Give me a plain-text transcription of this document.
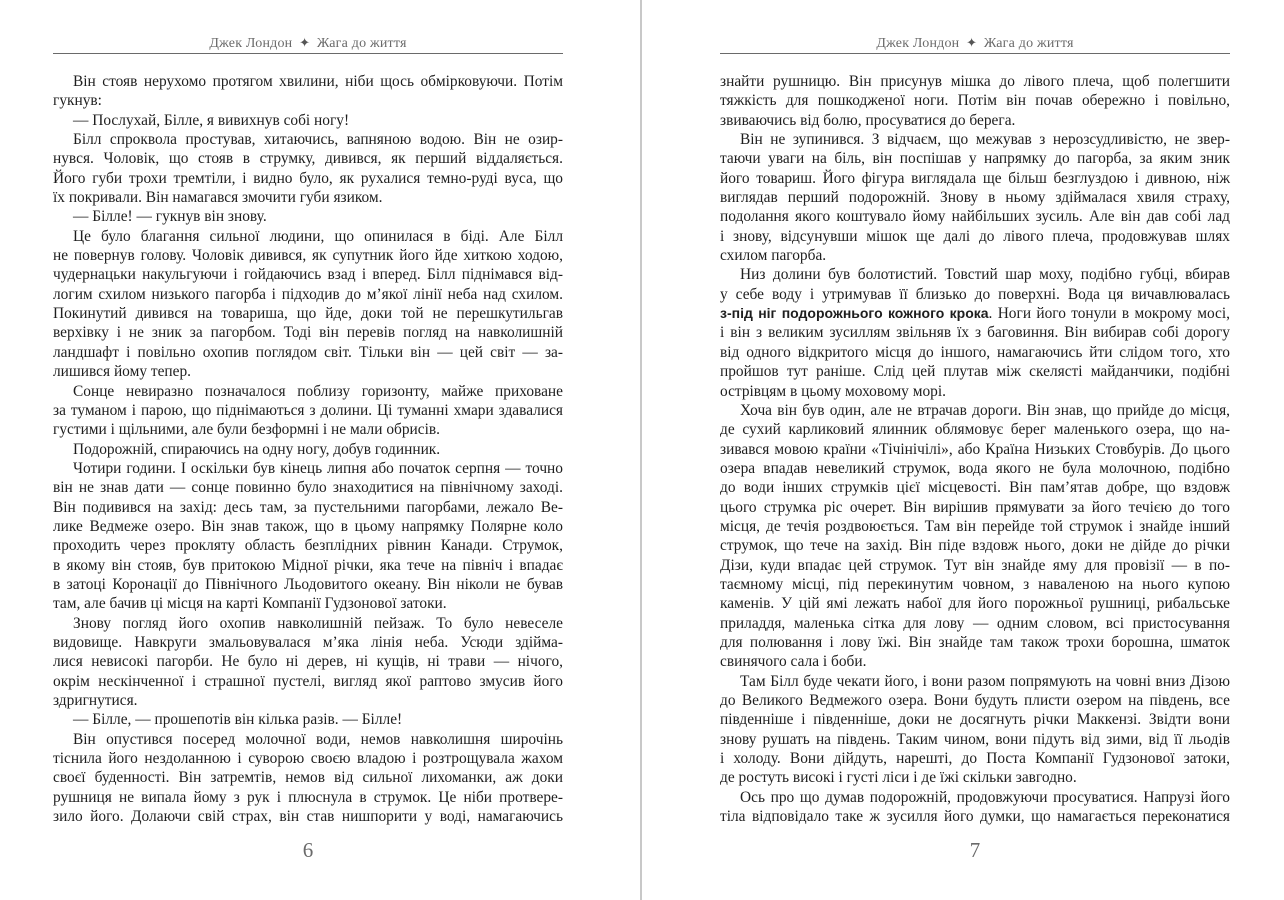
Джек Лондон ✦ Жага до життя
Він стояв нерухомо протягом хвилини, ніби щось обмірковуючи. Потім
гукнув:
— Послухай, Білле, я вивихнув собі ногу!
Білл спроквола простував, хитаючись, вапняною водою. Він не озир-
нувся. Чоловік, що стояв в струмку, дивився, як перший віддаляється.
Його губи трохи тремтіли, і видно було, як рухалися темно-руді вуса, що
їх покривали. Він намагався змочити губи язиком.
— Білле! — гукнув він знову.
Це було благання сильної людини, що опинилася в біді. Але Білл
не повернув голову. Чоловік дивився, як супутник його йде хиткою ходою,
чудернацьки накульгуючи і гойдаючись взад і вперед. Білл піднімався від-
логим схилом низького пагорба і підходив до м’якої лінії неба над схилом.
Покинутий дивився на товариша, що йде, доки той не перешкутильгав
верхівку і не зник за пагорбом. Тоді він перевів погляд на навколишній
ландшафт і повільно охопив поглядом світ. Тільки він — цей світ — за-
лишився йому тепер.
Сонце невиразно позначалося поблизу горизонту, майже приховане
за туманом і парою, що піднімаються з долини. Ці туманні хмари здавалися
густими і щільними, але були безформні і не мали обрисів.
Подорожній, спираючись на одну ногу, добув годинник.
Чотири години. І оскільки був кінець липня або початок серпня — точно
він не знав дати — сонце повинно було знаходитися на північному заході.
Він подивився на захід: десь там, за пустельними пагорбами, лежало Ве-
лике Ведмеже озеро. Він знав також, що в цьому напрямку Полярне коло
проходить через прокляту область безплідних рівнин Канади. Струмок,
в якому він стояв, був притокою Мідної річки, яка тече на північ і впадає
в затоці Коронації до Північного Льодовитого океану. Він ніколи не бував
там, але бачив ці місця на карті Компанії Гудзонової затоки.
Знову погляд його охопив навколишній пейзаж. То було невеселе
видовище. Навкруги змальовувалася м’яка лінія неба. Усюди здійма-
лися невисокі пагорби. Не було ні дерев, ні кущів, ні трави — нічого,
окрім нескінченної і страшної пустелі, вигляд якої раптово змусив його
здригнутися.
— Білле, — прошепотів він кілька разів. — Білле!
Він опустився посеред молочної води, немов навколишня широчінь
тіснила його нездоланною і суворою своєю владою і розтрощувала жахом
своєї буденності. Він затремтів, немов від сильної лихоманки, аж доки
рушниця не випала йому з рук і плюснула в струмок. Це ніби протвере-
зило його. Долаючи свій страх, він став нишпорити у воді, намагаючись
6
Джек Лондон ✦ Жага до життя
знайти рушницю. Він присунув мішка до лівого плеча, щоб полегшити
тяжкість для пошкодженої ноги. Потім він почав обережно і повільно,
звиваючись від болю, просуватися до берега.
Він не зупинився. З відчаєм, що межував з нерозсудливістю, не звер-
таючи уваги на біль, він поспішав у напрямку до пагорба, за яким зник
його товариш. Його фігура виглядала ще більш безглуздою і дивною, ніж
виглядав перший подорожній. Знову в ньому здіймалася хвиля страху,
подолання якого коштувало йому найбільших зусиль. Але він дав собі лад
і знову, відсунувши мішок ще далі до лівого плеча, продовжував шлях
схилом пагорба.
Низ долини був болотистий. Товстий шар моху, подібно губці, вбирав
у себе воду і утримував її близько до поверхні. Вода ця вичавлювалась
з-під ніг подорожнього кожного крока. Ноги його тонули в мокрому мосі,
і він з великим зусиллям звільняв їх з баговиння. Він вибирав собі дорогу
від одного відкритого місця до іншого, намагаючись йти слідом того, хто
пройшов тут раніше. Слід цей плутав між скелясті майданчики, подібні
острівцям в цьому моховому морі.
Хоча він був один, але не втрачав дороги. Він знав, що прийде до місця,
де сухий карликовий ялинник облямовує берег маленького озера, що на-
зивався мовою країни «Тічінічілі», або Країна Низьких Стовбурів. До цього
озера впадав невеликий струмок, вода якого не була молочною, подібно
до води інших струмків цієї місцевості. Він пам’ятав добре, що вздовж
цього струмка ріс очерет. Він вирішив прямувати за його течією до того
місця, де течія роздвоюється. Там він перейде той струмок і знайде інший
струмок, що тече на захід. Він піде вздовж нього, доки не дійде до річки
Дізи, куди впадає цей струмок. Тут він знайде яму для провізії — в по-
таємному місці, під перекинутим човном, з наваленою на нього купою
каменів. У цій ямі лежать набої для його порожньої рушниці, рибальське
приладдя, маленька сітка для лову — одним словом, всі пристосування
для полювання і лову їжі. Він знайде там також трохи борошна, шматок
свинячого сала і боби.
Там Білл буде чекати його, і вони разом попрямують на човні вниз Дізою
до Великого Ведмежого озера. Вони будуть плисти озером на південь, все
південніше і південніше, доки не досягнуть річки Маккензі. Звідти вони
знову рушать на південь. Таким чином, вони підуть від зими, від її льодів
і холоду. Вони дійдуть, нарешті, до Поста Компанії Гудзонової затоки,
де ростуть високі і густі ліси і де їжі скільки завгодно.
Ось про що думав подорожній, продовжуючи просуватися. Напрузі його
тіла відповідало таке ж зусилля його думки, що намагається переконатися
7
